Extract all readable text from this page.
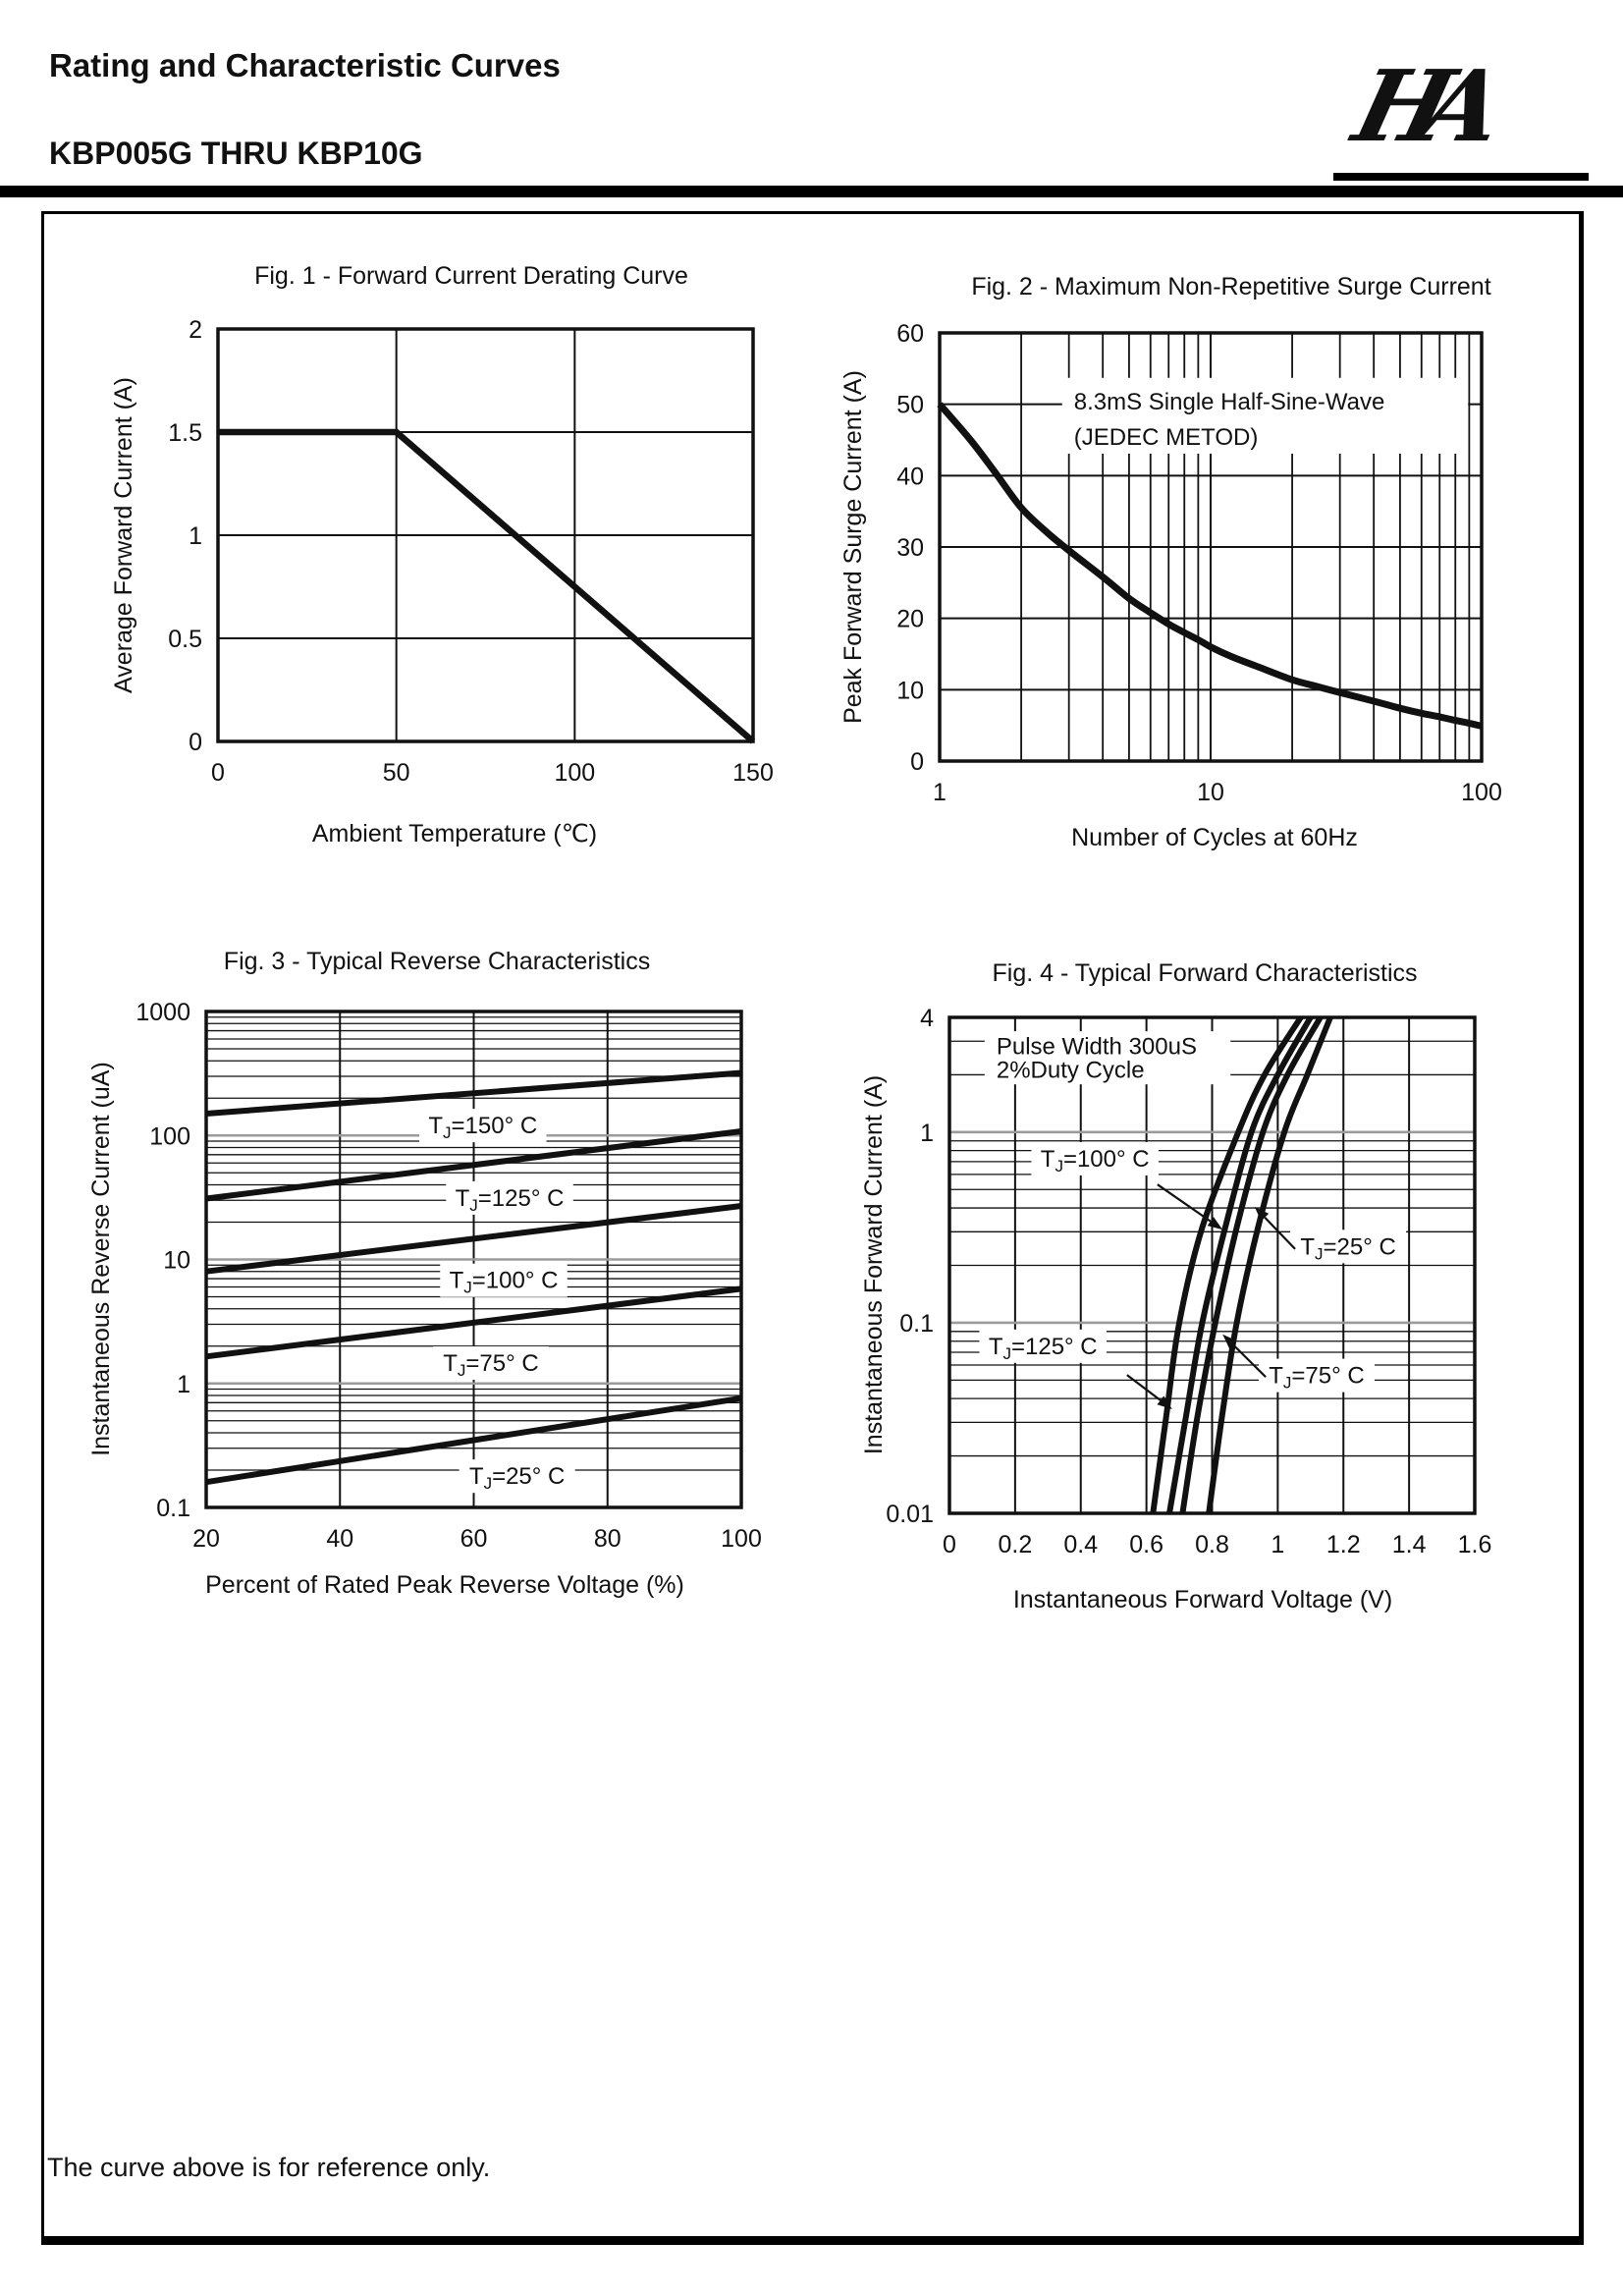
Rating and Characteristic Curves
KBP005G THRU KBP10G	HA
0	50	100	150
2
1.5
1
0.5
0
Ambient Temperature (℃)
Average Forward Current (A)
Fig. 1 - Forward Current Derating Curve
8.3mS Single Half-Sine-Wave
(JEDEC METOD)
1	10	100
60
50
40
30
20
10
0
Number of Cycles at 60Hz
Peak Forward Surge Current (A)
Fig. 2 - Maximum Non-Repetitive Surge Current
$T_J=150^\circ$ C
$T_J=125^\circ$ C
$T_J=100^\circ$ C
$T_J=75^\circ$ C
$T_J=25^\circ$ C
20	40	60	80	100
1000
100
10
1
0.1
Percent of Rated Peak Reverse Voltage (%)
Instantaneous Reverse Current (uA)
Fig. 3 - Typical Reverse Characteristics
Pulse Width 300uS
2%Duty Cycle
$T_J=100^\circ$ C
$T_J=25^\circ$ C
$T_J=125^\circ$ C
$T_J=75^\circ$ C
0 0.2 0.4 0.6 0.8 1 1.2 1.4 1.6
4
1
0.1
0.01
Instantaneous Forward Voltage (V)
Instantaneous Forward Current (A)
Fig. 4 - Typical Forward Characteristics
The curve above is for reference only.
